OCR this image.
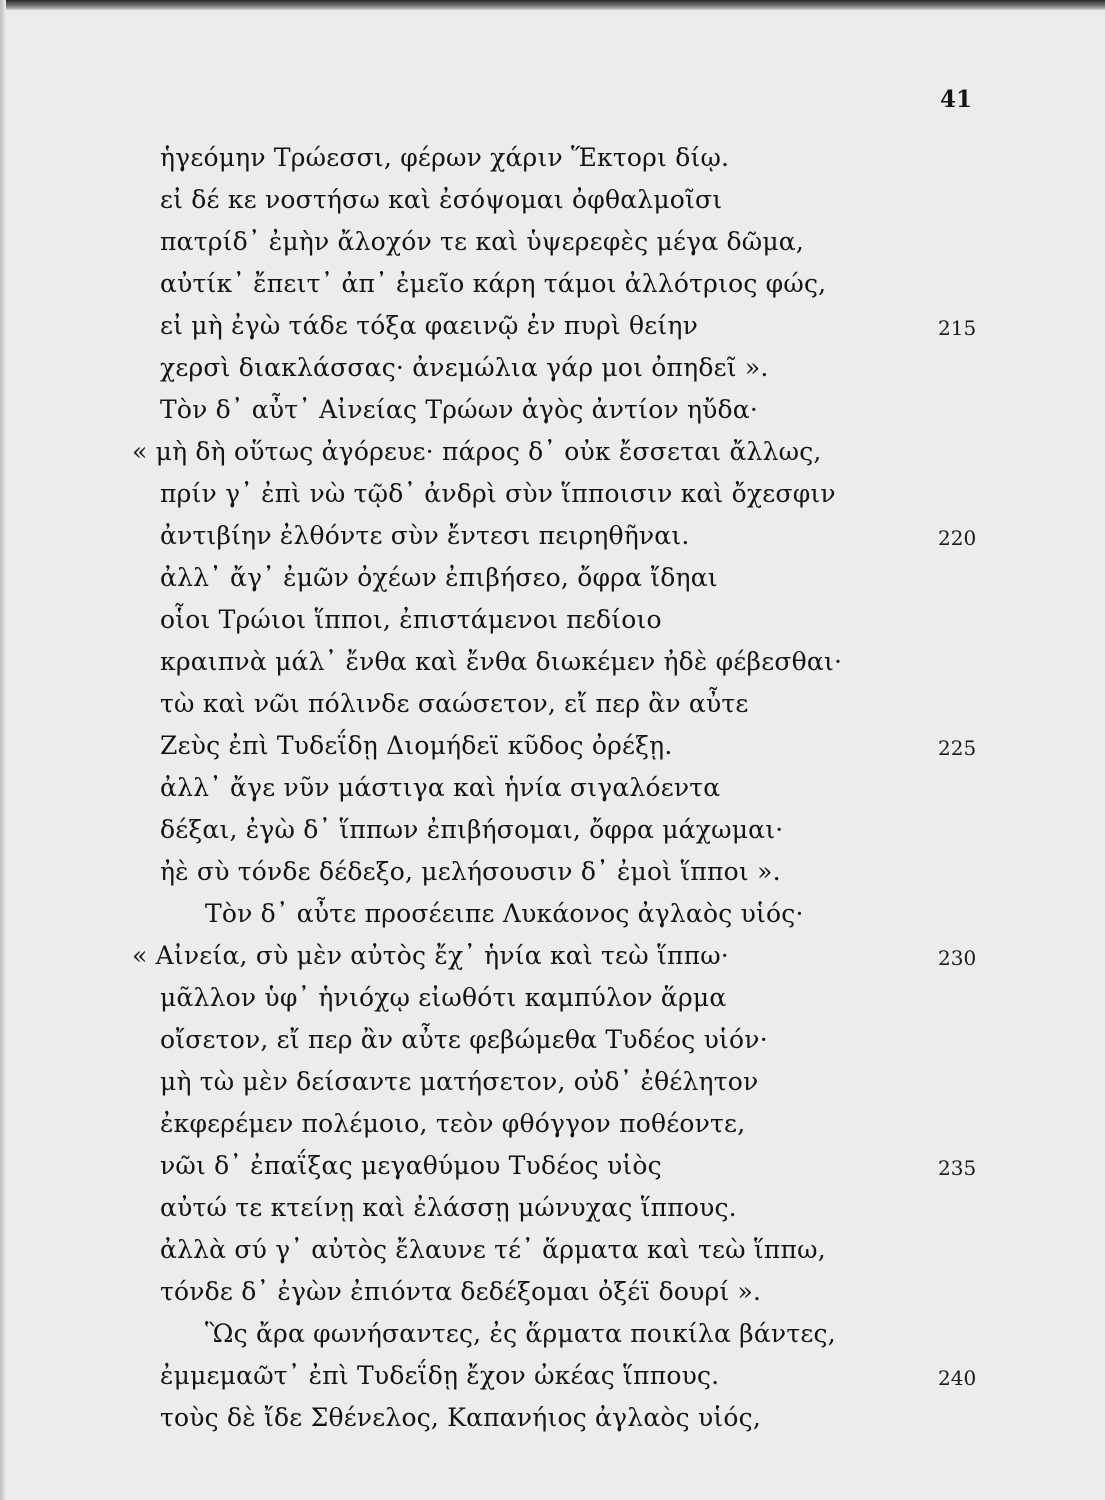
41
ἡγεόμην Τρώεσσι, φέρων χάριν Ἕκτορι δίῳ.
εἰ δέ κε νοστήσω καὶ ἐσόψομαι ὀφθαλμοῖσι
πατρίδ᾽ ἐμὴν ἄλοχόν τε καὶ ὑψερεφὲς μέγα δῶμα,
αὐτίκ᾽ ἔπειτ᾽ ἀπ᾽ ἐμεῖο κάρη τάμοι ἀλλότριος φώς,
εἰ μὴ ἐγὼ τάδε τόξα φαεινῷ ἐν πυρὶ θείην
χερσὶ διακλάσσας· ἀνεμώλια γάρ μοι ὀπηδεῖ ».
Τὸν δ᾽ αὖτ᾽ Αἰνείας Τρώων ἀγὸς ἀντίον ηὔδα·
« μὴ δὴ οὕτως ἀγόρευε· πάρος δ᾽ οὐκ ἔσσεται ἄλλως,
πρίν γ᾽ ἐπὶ νὼ τῷδ᾽ ἀνδρὶ σὺν ἵπποισιν καὶ ὄχεσφιν
ἀντιβίην ἐλθόντε σὺν ἔντεσι πειρηθῆναι.
ἀλλ᾽ ἄγ᾽ ἐμῶν ὀχέων ἐπιβήσεο, ὄφρα ἴδηαι
οἷοι Τρώιοι ἵπποι, ἐπιστάμενοι πεδίοιο
κραιπνὰ μάλ᾽ ἔνθα καὶ ἔνθα διωκέμεν ἠδὲ φέβεσθαι·
τὼ καὶ νῶι πόλινδε σαώσετον, εἴ περ ἂν αὖτε
Ζεὺς ἐπὶ Τυδεΐδῃ Διομήδεϊ κῦδος ὀρέξῃ.
ἀλλ᾽ ἄγε νῦν μάστιγα καὶ ἡνία σιγαλόεντα
δέξαι, ἐγὼ δ᾽ ἵππων ἐπιβήσομαι, ὄφρα μάχωμαι·
ἠὲ σὺ τόνδε δέδεξο, μελήσουσιν δ᾽ ἐμοὶ ἵπποι ».
Τὸν δ᾽ αὖτε προσέειπε Λυκάονος ἀγλαὸς υἱός·
« Αἰνεία, σὺ μὲν αὐτὸς ἔχ᾽ ἡνία καὶ τεὼ ἵππω·
μᾶλλον ὑφ᾽ ἡνιόχῳ εἰωθότι καμπύλον ἅρμα
οἴσετον, εἴ περ ἂν αὖτε φεβώμεθα Τυδέος υἱόν·
μὴ τὼ μὲν δείσαντε ματήσετον, οὐδ᾽ ἐθέλητον
ἐκφερέμεν πολέμοιο, τεὸν φθόγγον ποθέοντε,
νῶι δ᾽ ἐπαΐξας μεγαθύμου Τυδέος υἱὸς
αὐτώ τε κτείνῃ καὶ ἐλάσσῃ μώνυχας ἵππους.
ἀλλὰ σύ γ᾽ αὐτὸς ἔλαυνε τέ᾽ ἅρματα καὶ τεὼ ἵππω,
τόνδε δ᾽ ἐγὼν ἐπιόντα δεδέξομαι ὀξέϊ δουρί ».
Ὣς ἄρα φωνήσαντες, ἐς ἅρματα ποικίλα βάντες,
ἐμμεμαῶτ᾽ ἐπὶ Τυδεΐδῃ ἔχον ὠκέας ἵππους.
τοὺς δὲ ἴδε Σθένελος, Καπανήιος ἀγλαὸς υἱός,
215
220
225
230
235
240
